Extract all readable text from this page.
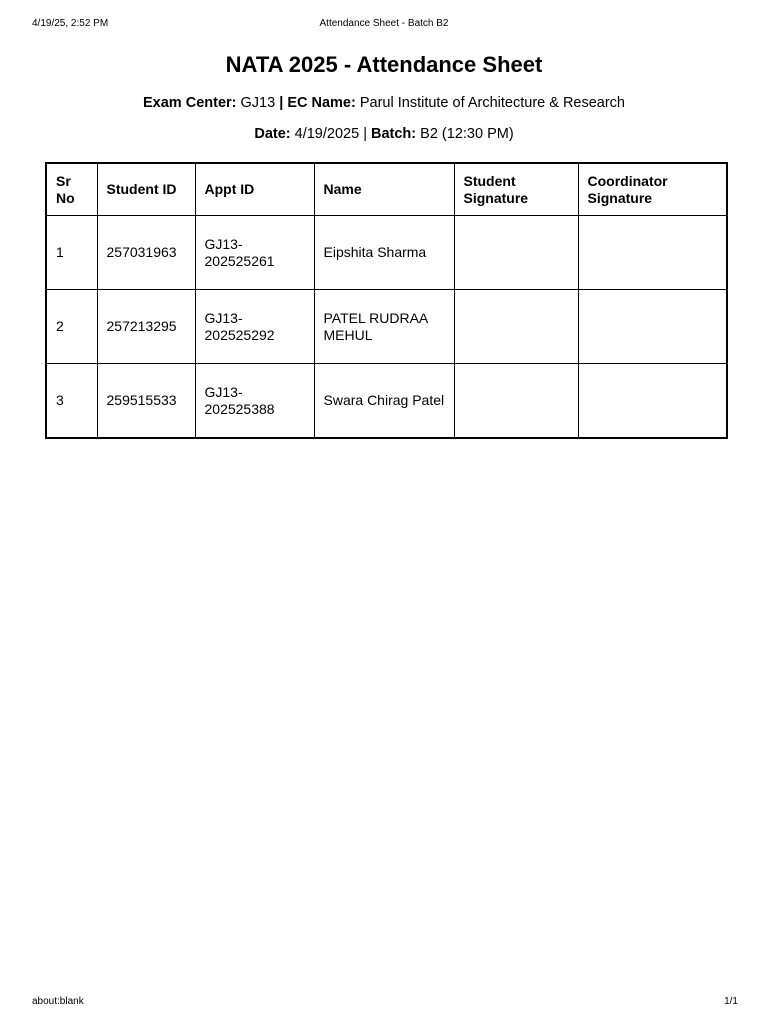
4/19/25, 2:52 PM	Attendance Sheet - Batch B2
NATA 2025 - Attendance Sheet
Exam Center: GJ13 | EC Name: Parul Institute of Architecture & Research
Date: 4/19/2025 | Batch: B2 (12:30 PM)
Sr No	Student ID	Appt ID	Name	Student Signature	Coordinator Signature
1	257031963	GJ13-202525261	Eipshita Sharma		
2	257213295	GJ13-202525292	PATEL RUDRAA MEHUL		
3	259515533	GJ13-202525388	Swara Chirag Patel		
about:blank	1/1
